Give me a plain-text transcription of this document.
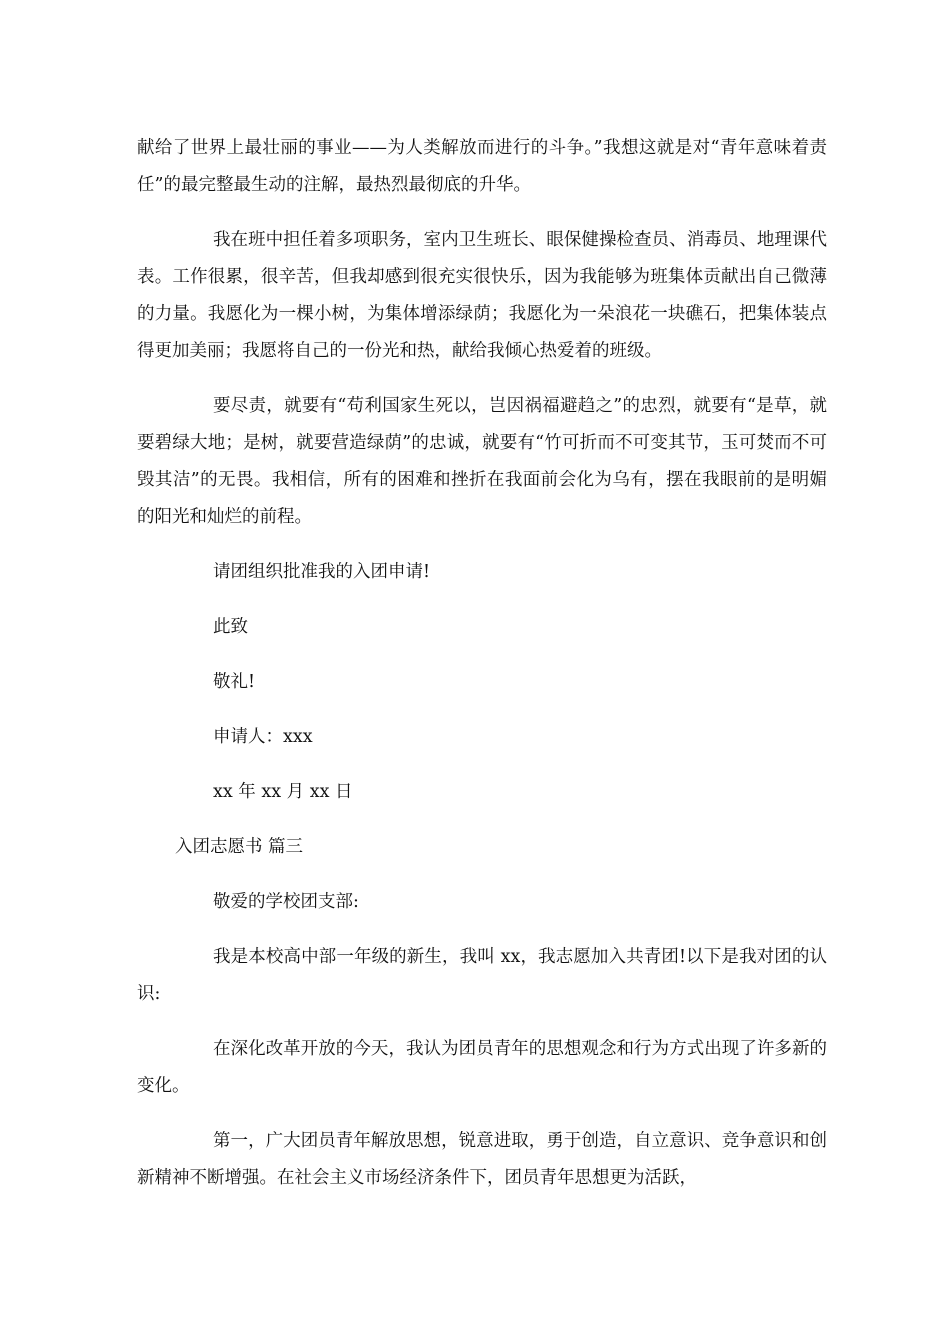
献给了世界上最壮丽的事业——为人类解放而进行的斗争。”我想这就是对“青年意味着责任”的最完整最生动的注解，最热烈最彻底的升华。

我在班中担任着多项职务，室内卫生班长、眼保健操检查员、消毒员、地理课代表。工作很累，很辛苦，但我却感到很充实很快乐，因为我能够为班集体贡献出自己微薄的力量。我愿化为一棵小树，为集体增添绿荫；我愿化为一朵浪花一块礁石，把集体装点得更加美丽；我愿将自己的一份光和热，献给我倾心热爱着的班级。

要尽责，就要有“苟利国家生死以，岂因祸福避趋之”的忠烈，就要有“是草，就要碧绿大地；是树，就要营造绿荫”的忠诚，就要有“竹可折而不可变其节，玉可焚而不可毁其洁”的无畏。我相信，所有的困难和挫折在我面前会化为乌有，摆在我眼前的是明媚的阳光和灿烂的前程。

请团组织批准我的入团申请!
此致
敬礼!
申请人：xxx
xx 年 xx 月 xx 日
入团志愿书 篇三
敬爱的学校团支部:

我是本校高中部一年级的新生，我叫 xx，我志愿加入共青团!以下是我对团的认识:

在深化改革开放的今天，我认为团员青年的思想观念和行为方式出现了许多新的变化。

第一，广大团员青年解放思想，锐意进取，勇于创造，自立意识、竞争意识和创新精神不断增强。在社会主义市场经济条件下，团员青年思想更为活跃，
